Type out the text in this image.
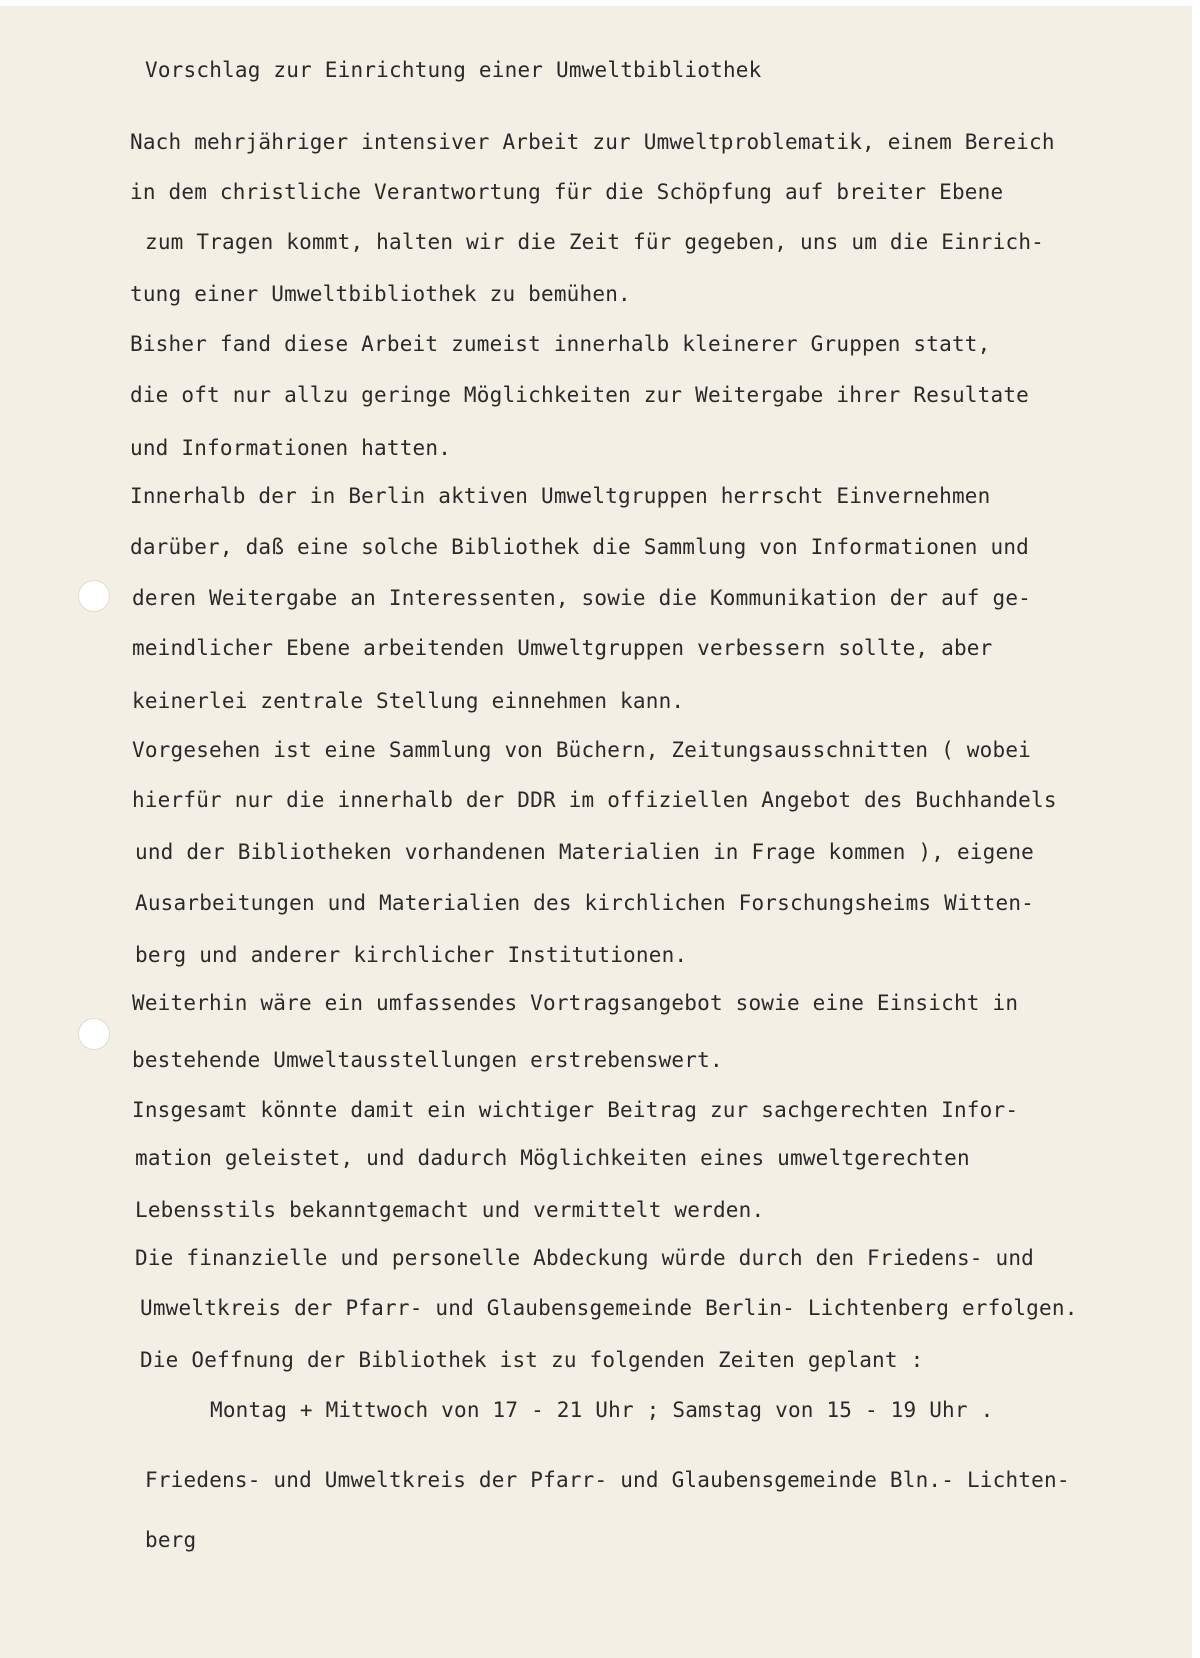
Vorschlag zur Einrichtung einer Umweltbibliothek
Nach mehrjähriger intensiver Arbeit zur Umweltproblematik, einem Bereich
in dem christliche Verantwortung für die Schöpfung auf breiter Ebene
zum Tragen kommt, halten wir die Zeit für gegeben, uns um die Einrich-
tung einer Umweltbibliothek zu bemühen.
Bisher fand diese Arbeit zumeist innerhalb kleinerer Gruppen statt,
die oft nur allzu geringe Möglichkeiten zur Weitergabe ihrer Resultate
und Informationen hatten.
Innerhalb der in Berlin aktiven Umweltgruppen herrscht Einvernehmen
darüber, daß eine solche Bibliothek die Sammlung von Informationen und
deren Weitergabe an Interessenten, sowie die Kommunikation der auf ge-
meindlicher Ebene arbeitenden Umweltgruppen verbessern sollte, aber
keinerlei zentrale Stellung einnehmen kann.
Vorgesehen ist eine Sammlung von Büchern, Zeitungsausschnitten ( wobei
hierfür nur die innerhalb der DDR im offiziellen Angebot des Buchhandels
und der Bibliotheken vorhandenen Materialien in Frage kommen ), eigene
Ausarbeitungen und Materialien des kirchlichen Forschungsheims Witten-
berg und anderer kirchlicher Institutionen.
Weiterhin wäre ein umfassendes Vortragsangebot sowie eine Einsicht in
bestehende Umweltausstellungen erstrebenswert.
Insgesamt könnte damit ein wichtiger Beitrag zur sachgerechten Infor-
mation geleistet, und dadurch Möglichkeiten eines umweltgerechten
Lebensstils bekanntgemacht und vermittelt werden.
Die finanzielle und personelle Abdeckung würde durch den Friedens- und
Umweltkreis der Pfarr- und Glaubensgemeinde Berlin- Lichtenberg erfolgen.
Die Oeffnung der Bibliothek ist zu folgenden Zeiten geplant :
Montag + Mittwoch von 17 - 21 Uhr ; Samstag von 15 - 19 Uhr .
Friedens- und Umweltkreis der Pfarr- und Glaubensgemeinde Bln.- Lichten-
berg
